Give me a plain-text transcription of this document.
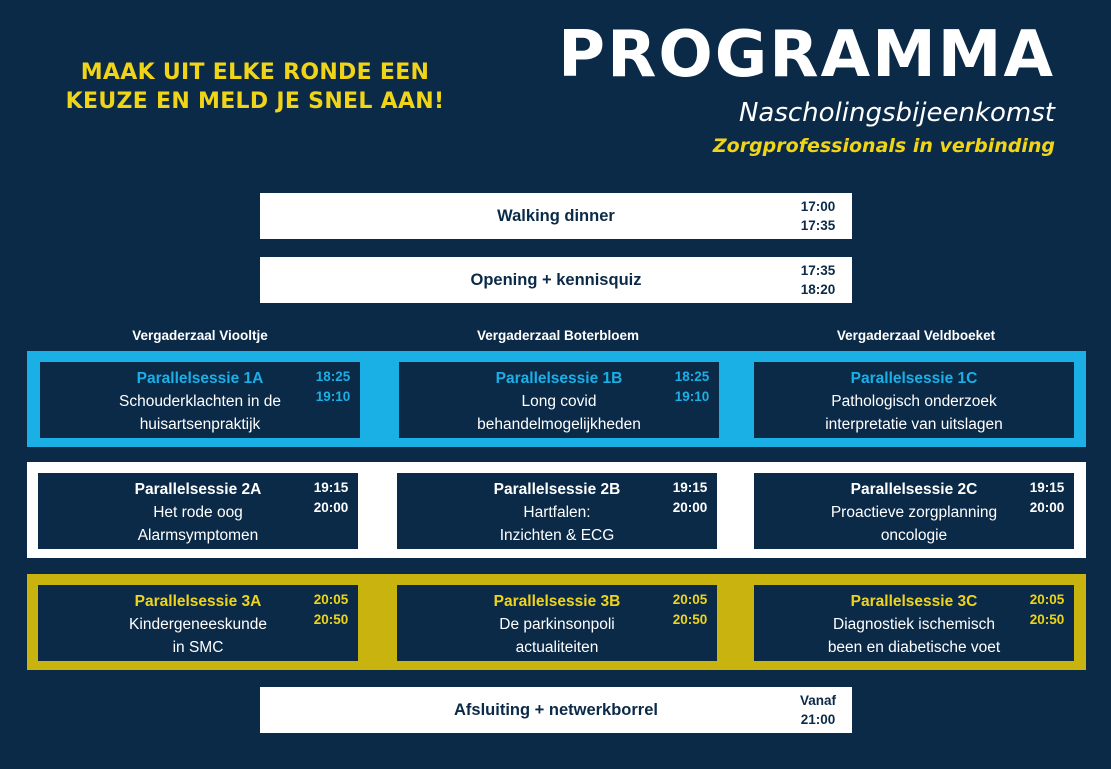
MAAK UIT ELKE RONDE EEN
KEUZE EN MELD JE SNEL AAN!
PROGRAMMA
Nascholingsbijeenkomst
Zorgprofessionals in verbinding
Walking dinner
17:00
17:35
Opening + kennisquiz
17:35
18:20
Vergaderzaal Viooltje	Vergaderzaal Boterbloem	Vergaderzaal Veldboeket
Parallelsessie 1A
Schouderklachten in de
huisartsenpraktijk
18:25
19:10
Parallelsessie 1B
Long covid
behandelmogelijkheden
18:25
19:10
Parallelsessie 1C
Pathologisch onderzoek
interpretatie van uitslagen
Parallelsessie 2A
Het rode oog
Alarmsymptomen
19:15
20:00
Parallelsessie 2B
Hartfalen:
Inzichten & ECG
19:15
20:00
Parallelsessie 2C
Proactieve zorgplanning
oncologie
19:15
20:00
Parallelsessie 3A
Kindergeneeskunde
in SMC
20:05
20:50
Parallelsessie 3B
De parkinsonpoli
actualiteiten
20:05
20:50
Parallelsessie 3C
Diagnostiek ischemisch
been en diabetische voet
20:05
20:50
Afsluiting + netwerkborrel
Vanaf
21:00
